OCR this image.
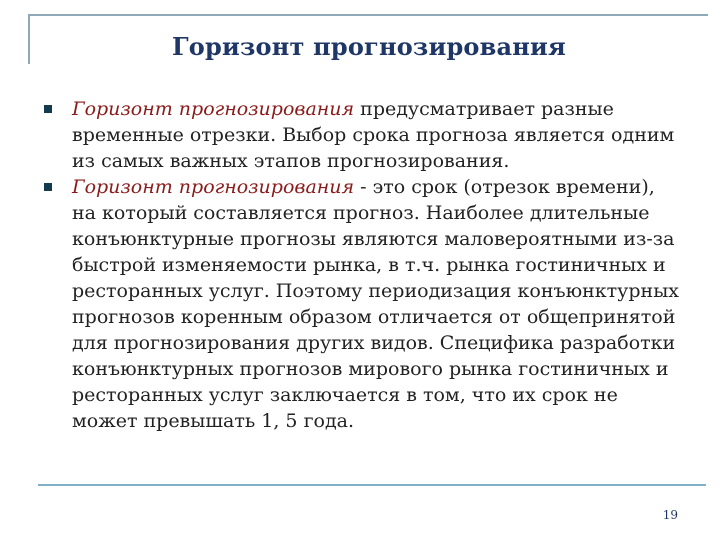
Горизонт прогнозирования
Горизонт прогнозирования предусматривает разные временные отрезки. Выбор срока прогноза является одним из самых важных этапов прогнозирования.
Горизонт прогнозирования - это срок (отрезок времени), на который составляется прогноз. Наиболее длительные конъюнктурные прогнозы являются маловероятными из-за быстрой изменяемости рынка, в т.ч. рынка гостиничных и ресторанных услуг. Поэтому периодизация конъюнктурных прогнозов коренным образом отличается от общепринятой для прогнозирования других видов. Специфика разработки конъюнктурных прогнозов мирового рынка гостиничных и ресторанных услуг заключается в том, что их срок не может превышать 1, 5 года.
19
